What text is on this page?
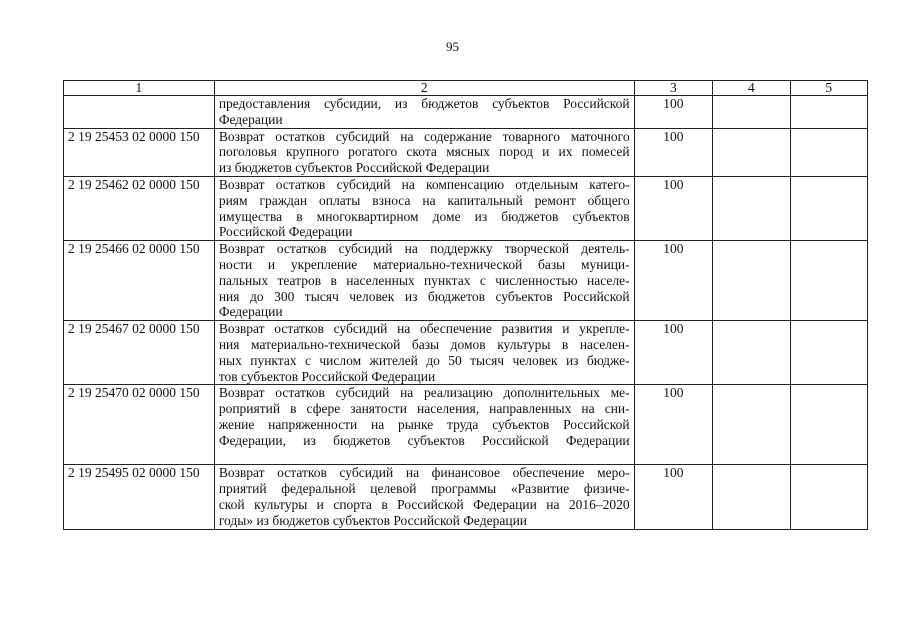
95
1	2	3	4	5

	предоставления субсидии, из бюджетов субъектов Российской
Федерации	100		
2 19 25453 02 0000 150	Возврат остатков субсидий на содержание товарного маточного
поголовья крупного рогатого скота мясных пород и их помесей
из бюджетов субъектов Российской Федерации	100		
2 19 25462 02 0000 150	Возврат остатков субсидий на компенсацию отдельным катего-
риям граждан оплаты взноса на капитальный ремонт общего
имущества в многоквартирном доме из бюджетов субъектов
Российской Федерации	100		
2 19 25466 02 0000 150	Возврат остатков субсидий на поддержку творческой деятель-
ности и укрепление материально-технической базы муници-
пальных театров в населенных пунктах с численностью населе-
ния до 300 тысяч человек из бюджетов субъектов Российской
Федерации	100		
2 19 25467 02 0000 150	Возврат остатков субсидий на обеспечение развития и укрепле-
ния материально-технической базы домов культуры в населен-
ных пунктах с числом жителей до 50 тысяч человек из бюдже-
тов субъектов Российской Федерации	100		
2 19 25470 02 0000 150	Возврат остатков субсидий на реализацию дополнительных ме-
роприятий в сфере занятости населения, направленных на сни-
жение напряженности на рынке труда субъектов Российской
Федерации, из бюджетов субъектов Российской Федерации	100		
2 19 25495 02 0000 150	Возврат остатков субсидий на финансовое обеспечение меро-
приятий федеральной целевой программы «Развитие физиче-
ской культуры и спорта в Российской Федерации на 2016–2020
годы» из бюджетов субъектов Российской Федерации	100		
